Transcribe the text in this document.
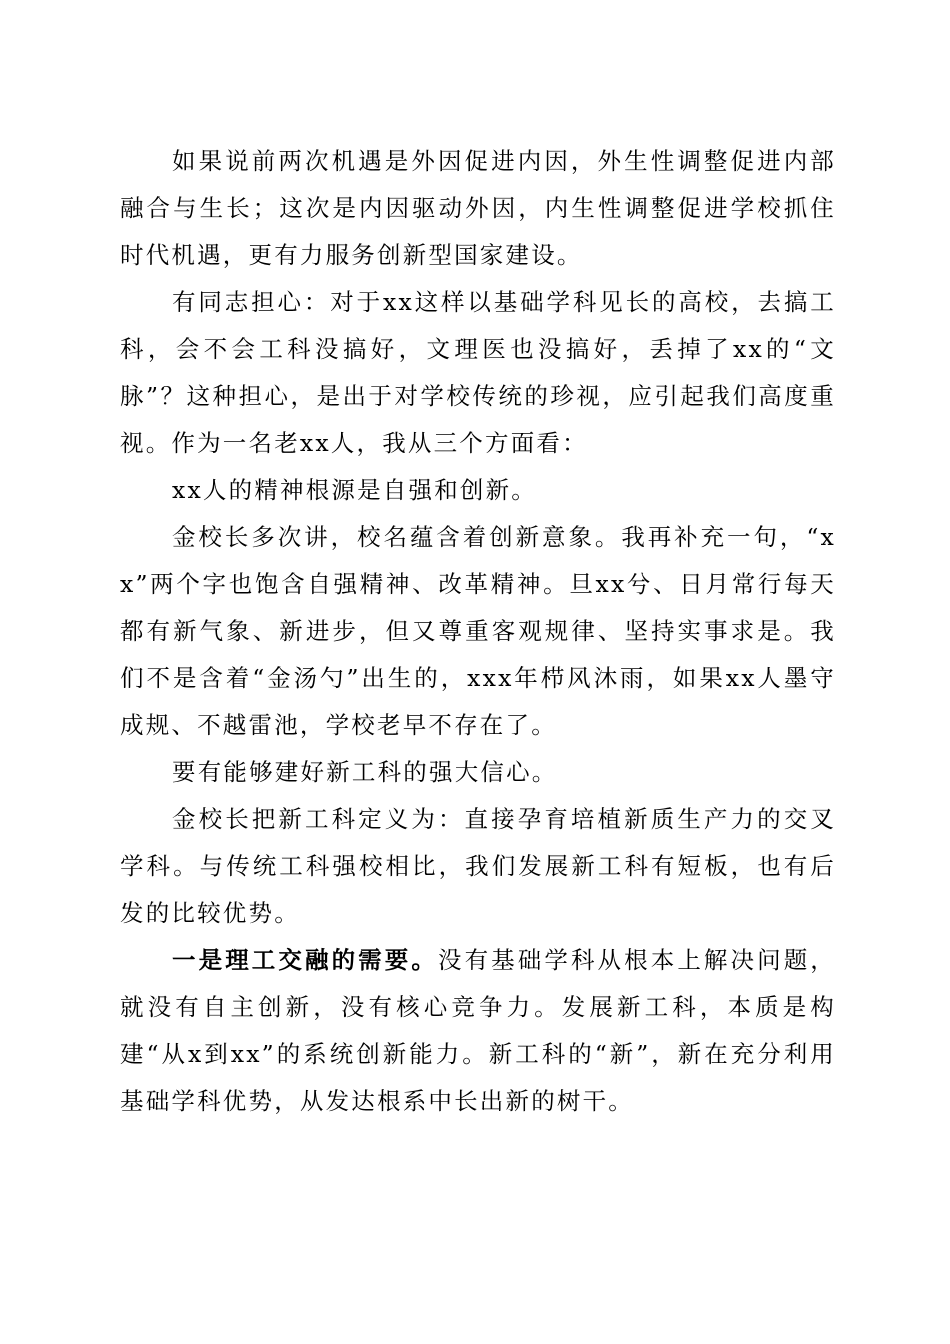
如果说前两次机遇是外因促进内因，外生性调整促进内部融合与生长；这次是内因驱动外因，内生性调整促进学校抓住时代机遇，更有力服务创新型国家建设。

有同志担心：对于xx这样以基础学科见长的高校，去搞工科，会不会工科没搞好，文理医也没搞好，丢掉了xx的“文脉”？这种担心，是出于对学校传统的珍视，应引起我们高度重视。作为一名老xx人，我从三个方面看：

xx人的精神根源是自强和创新。

金校长多次讲，校名蕴含着创新意象。我再补充一句，“xx”两个字也饱含自强精神、改革精神。旦xx兮、日月常行每天都有新气象、新进步，但又尊重客观规律、坚持实事求是。我们不是含着“金汤勺”出生的，xxx年栉风沐雨，如果xx人墨守成规、不越雷池，学校老早不存在了。

要有能够建好新工科的强大信心。

金校长把新工科定义为：直接孕育培植新质生产力的交叉学科。与传统工科强校相比，我们发展新工科有短板，也有后发的比较优势。

一是理工交融的需要。没有基础学科从根本上解决问题，就没有自主创新，没有核心竞争力。发展新工科，本质是构建“从x到xx”的系统创新能力。新工科的“新”，新在充分利用基础学科优势，从发达根系中长出新的树干。
